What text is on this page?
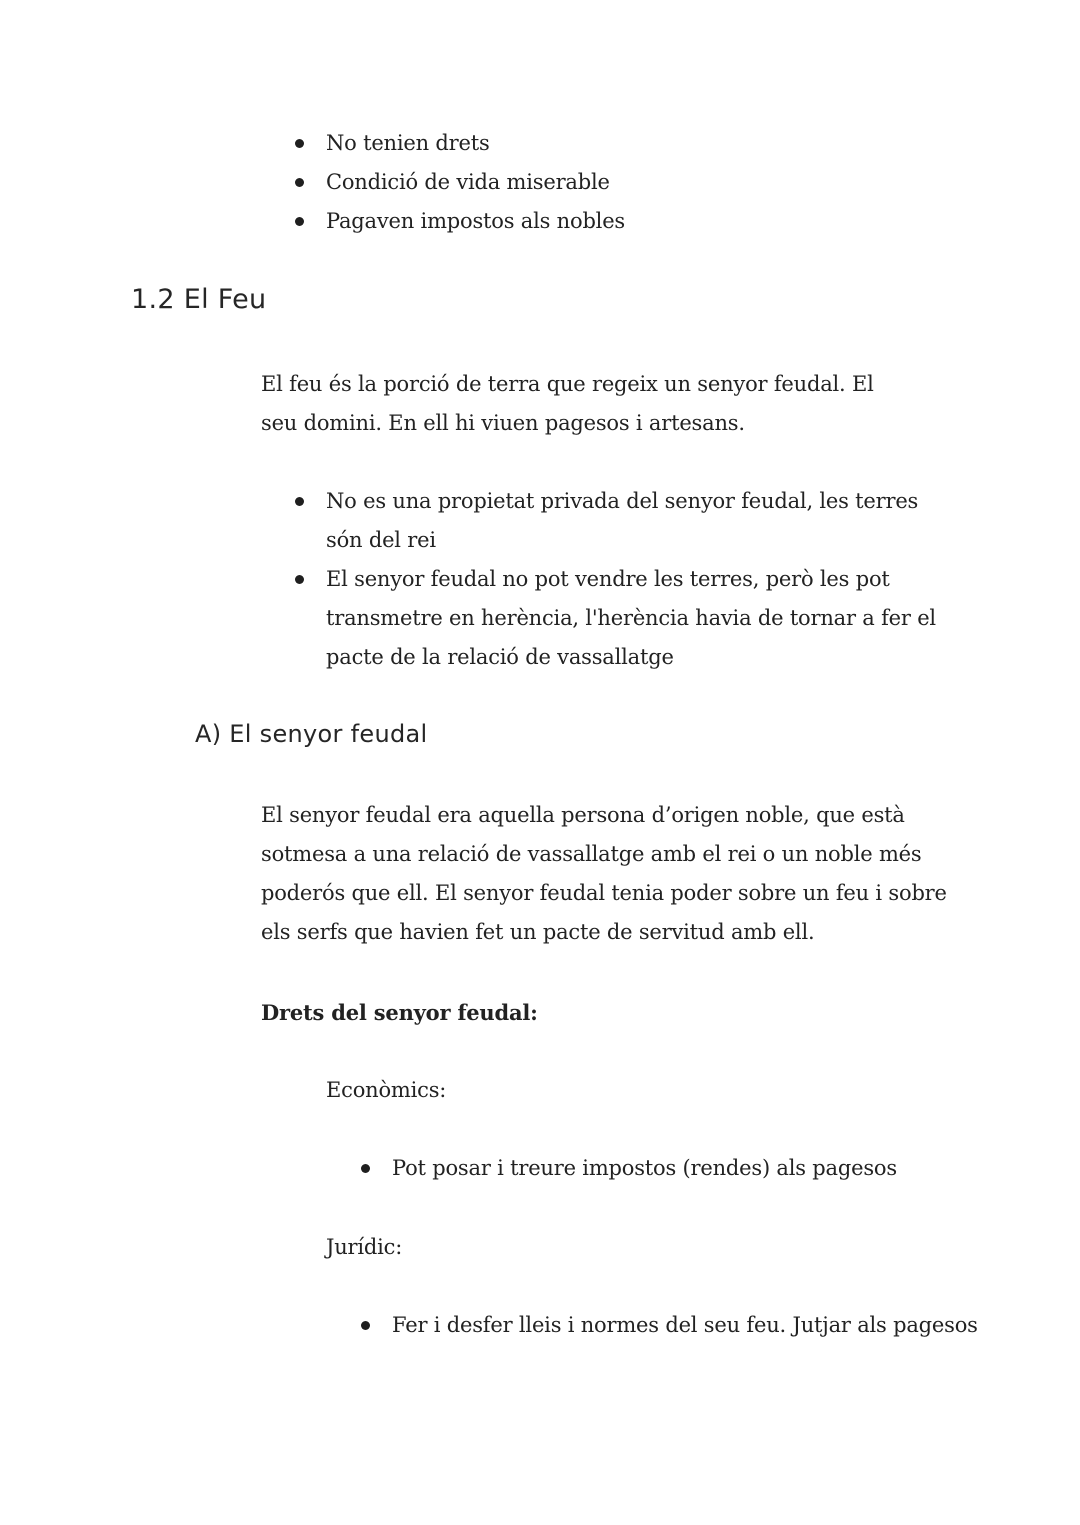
No tenien drets
Condició de vida miserable
Pagaven impostos als nobles
1.2 El Feu

El feu és la porció de terra que regeix un senyor feudal. El seu domini. En ell hi viuen pagesos i artesans.

No es una propietat privada del senyor feudal, les terres són del rei
El senyor feudal no pot vendre les terres, però les pot transmetre en herència, l'herència havia de tornar a fer el pacte de la relació de vassallatge
A) El senyor feudal

El senyor feudal era aquella persona d’origen noble, que està sotmesa a una relació de vassallatge amb el rei o un noble més poderós que ell. El senyor feudal tenia poder sobre un feu i sobre els serfs que havien fet un pacte de servitud amb ell.

Drets del senyor feudal:

Econòmics:

Pot posar i treure impostos (rendes) als pagesos

Jurídic:

Fer i desfer lleis i normes del seu feu. Jutjar als pagesos
